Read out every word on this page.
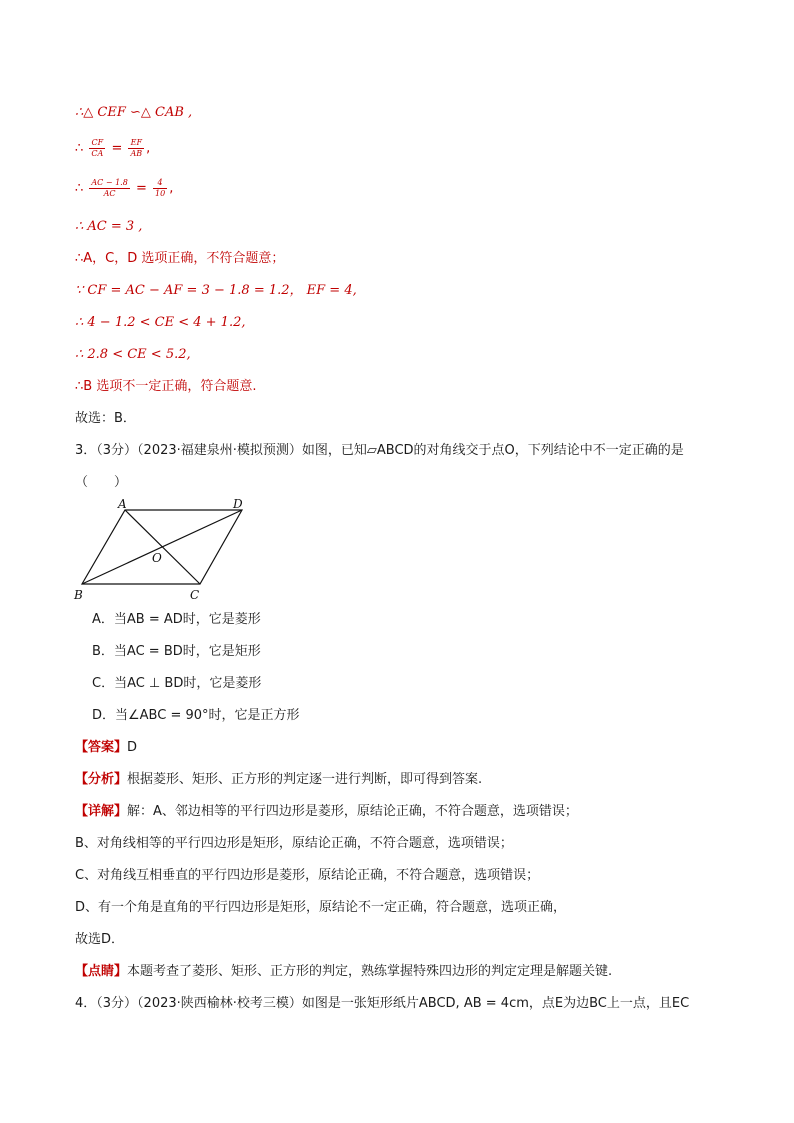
∴△ CEF ∽△ CAB ,
∴ $\frac{CF}{CA} = \frac{EF}{AB}$ ,
∴ $\frac{AC - 1.8}{AC} = \frac{4}{10}$ ,
∴ AC = 3 ,
∴A，C，D 选项正确，不符合题意；
∵ CF = AC − AF = 3 − 1.8 = 1.2， EF = 4,
∴ 4 − 1.2 < CE < 4 + 1.2,
∴ 2.8 < CE < 5.2,
∴B 选项不一定正确，符合题意.
故选：B．
3．（3分）（2023·福建泉州·模拟预测）如图，已知▱ABCD的对角线交于点O，下列结论中不一定正确的是
（　　）
A	D
O
B	C
A．当AB = AD时，它是菱形
B．当AC = BD时，它是矩形
C．当AC ⊥ BD时，它是菱形
D．当∠ABC = 90°时，它是正方形
【答案】D
【分析】根据菱形、矩形、正方形的判定逐一进行判断，即可得到答案.
【详解】解：A、邻边相等的平行四边形是菱形，原结论正确，不符合题意，选项错误；
B、对角线相等的平行四边形是矩形，原结论正确，不符合题意，选项错误；
C、对角线互相垂直的平行四边形是菱形，原结论正确，不符合题意，选项错误；
D、有一个角是直角的平行四边形是矩形，原结论不一定正确，符合题意，选项正确，
故选D．
【点睛】本题考查了菱形、矩形、正方形的判定，熟练掌握特殊四边形的判定定理是解题关键.
4．（3分）（2023·陕西榆林·校考三模）如图是一张矩形纸片ABCD, AB = 4cm，点E为边BC上一点，且EC
